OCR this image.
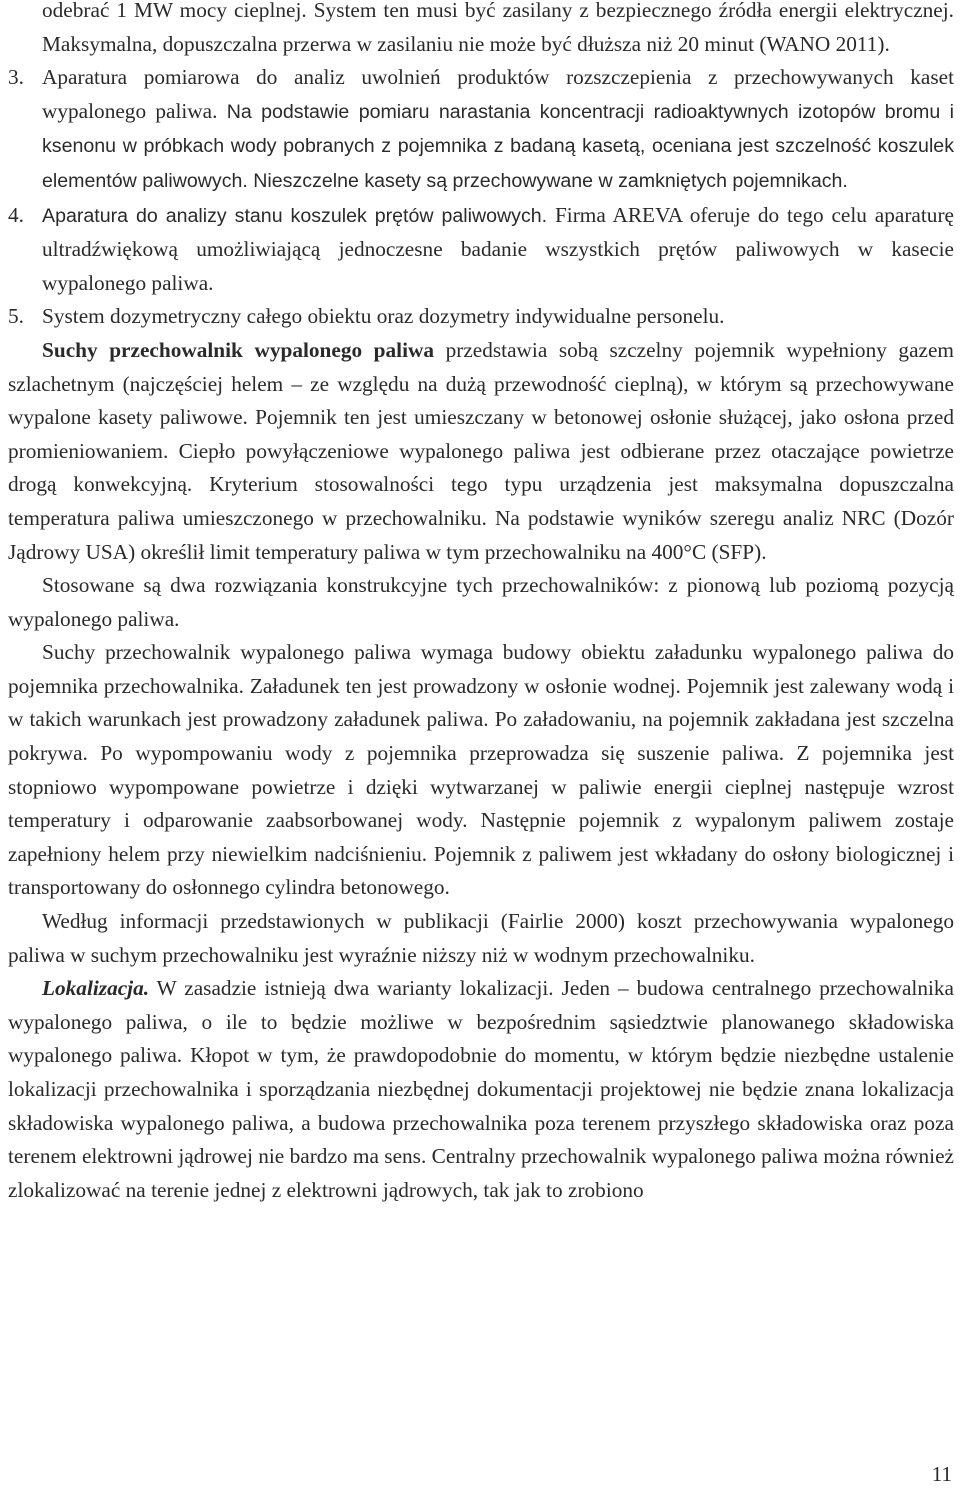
odebrać 1 MW mocy cieplnej. System ten musi być zasilany z bezpiecznego źródła energii elektrycznej. Maksymalna, dopuszczalna przerwa w zasilaniu nie może być dłuższa niż 20 minut (WANO 2011).
3. Aparatura pomiarowa do analiz uwolnień produktów rozszczepienia z przechowywanych kaset wypalonego paliwa. Na podstawie pomiaru narastania koncentracji radioaktywnych izotopów bromu i ksenonu w próbkach wody pobranych z pojemnika z badaną kasetą, oceniana jest szczelność koszulek elementów paliwowych. Nieszczelne kasety są przechowywane w zamkniętych pojemnikach.
4. Aparatura do analizy stanu koszulek prętów paliwowych. Firma AREVA oferuje do tego celu aparaturę ultradźwiękową umożliwiającą jednoczesne badanie wszystkich prętów paliwowych w kasecie wypalonego paliwa.
5. System dozymetryczny całego obiektu oraz dozymetry indywidualne personelu.
Suchy przechowalnik wypalonego paliwa przedstawia sobą szczelny pojemnik wypełniony gazem szlachetnym (najczęściej helem – ze względu na dużą przewodność cieplną), w którym są przechowywane wypalone kasety paliwowe. Pojemnik ten jest umieszczany w betonowej osłonie służącej, jako osłona przed promieniowaniem. Ciepło powyłączeniowe wypalonego paliwa jest odbierane przez otaczające powietrze drogą konwekcyjną. Kryterium stosowalności tego typu urządzenia jest maksymalna dopuszczalna temperatura paliwa umieszczonego w przechowalniku. Na podstawie wyników szeregu analiz NRC (Dozór Jądrowy USA) określił limit temperatury paliwa w tym przechowalniku na 400°C (SFP).
Stosowane są dwa rozwiązania konstrukcyjne tych przechowalników: z pionową lub poziomą pozycją wypalonego paliwa.
Suchy przechowalnik wypalonego paliwa wymaga budowy obiektu załadunku wypalonego paliwa do pojemnika przechowalnika. Załadunek ten jest prowadzony w osłonie wodnej. Pojemnik jest zalewany wodą i w takich warunkach jest prowadzony załadunek paliwa. Po załadowaniu, na pojemnik zakładana jest szczelna pokrywa. Po wypompowaniu wody z pojemnika przeprowadza się suszenie paliwa. Z pojemnika jest stopniowo wypompowane powietrze i dzięki wytwarzanej w paliwie energii cieplnej następuje wzrost temperatury i odparowanie zaabsorbowanej wody. Następnie pojemnik z wypalonym paliwem zostaje zapełniony helem przy niewielkim nadciśnieniu. Pojemnik z paliwem jest wkładany do osłony biologicznej i transportowany do osłonnego cylindra betonowego.
Według informacji przedstawionych w publikacji (Fairlie 2000) koszt przechowywania wypalonego paliwa w suchym przechowalniku jest wyraźnie niższy niż w wodnym przechowalniku.
Lokalizacja. W zasadzie istnieją dwa warianty lokalizacji. Jeden – budowa centralnego przechowalnika wypalonego paliwa, o ile to będzie możliwe w bezpośrednim sąsiedztwie planowanego składowiska wypalonego paliwa. Kłopot w tym, że prawdopodobnie do momentu, w którym będzie niezbędne ustalenie lokalizacji przechowalnika i sporządzania niezbędnej dokumentacji projektowej nie będzie znana lokalizacja składowiska wypalonego paliwa, a budowa przechowalnika poza terenem przyszłego składowiska oraz poza terenem elektrowni jądrowej nie bardzo ma sens. Centralny przechowalnik wypalonego paliwa można również zlokalizować na terenie jednej z elektrowni jądrowych, tak jak to zrobiono
11
